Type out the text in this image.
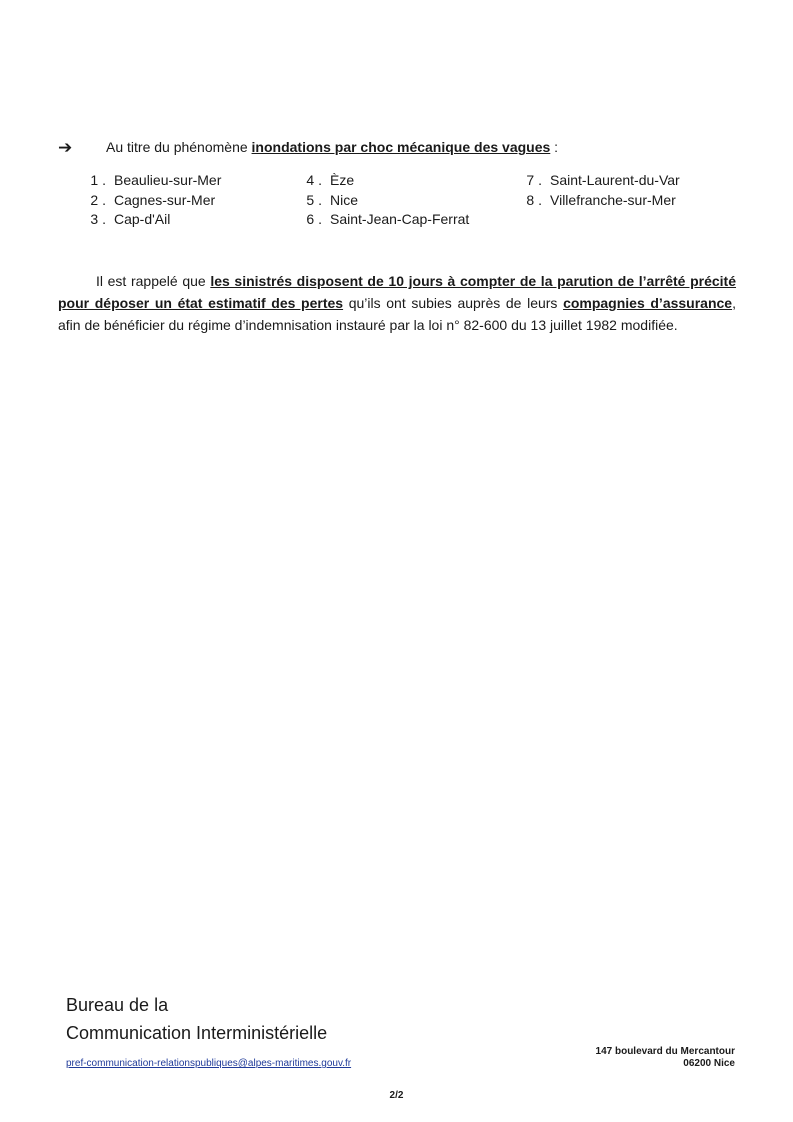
➔ Au titre du phénomène inondations par choc mécanique des vagues :
1 . Beaulieu-sur-Mer
2 . Cagnes-sur-Mer
3 . Cap-d'Ail
4 . Èze
5 . Nice
6 . Saint-Jean-Cap-Ferrat
7 . Saint-Laurent-du-Var
8 . Villefranche-sur-Mer
Il est rappelé que les sinistrés disposent de 10 jours à compter de la parution de l’arrêté précité pour déposer un état estimatif des pertes qu’ils ont subies auprès de leurs compagnies d’assurance, afin de bénéficier du régime d’indemnisation instauré par la loi n° 82-600 du 13 juillet 1982 modifiée.
Bureau de la
Communication Interministérielle
pref-communication-relationspubliques@alpes-maritimes.gouv.fr
147 boulevard du Mercantour
06200 Nice
2/2
